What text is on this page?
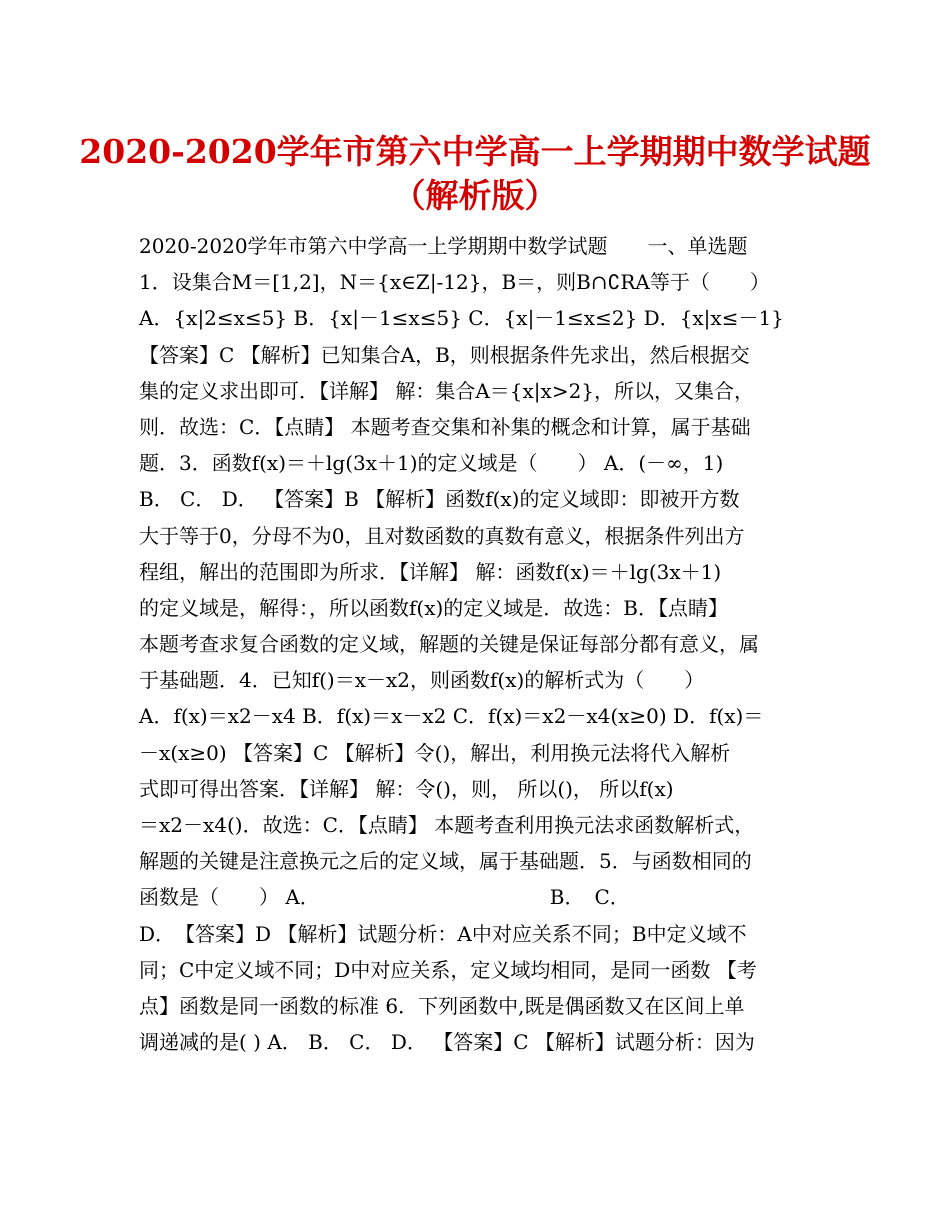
2020-2020学年市第六中学高一上学期期中数学试题
（解析版）
2020-2020学年市第六中学高一上学期期中数学试题　　一、单选题
1．设集合M＝[1,2]，N＝{x∈Z|-12}，B＝，则B∩∁RA等于（　　）
A．{x|2≤x≤5} B．{x|－1≤x≤5} C．{x|－1≤x≤2} D．{x|x≤－1}
【答案】C 【解析】已知集合A，B，则根据条件先求出，然后根据交
集的定义求出即可．【详解】 解：集合A＝{x|x>2}，所以，又集合，
则．故选：C．【点睛】 本题考查交集和补集的概念和计算，属于基础
题．3．函数f(x)＝＋lg(3x＋1)的定义域是（　　） A．(－∞，1)
B． C． D． 【答案】B 【解析】函数f(x)的定义域即：即被开方数
大于等于0，分母不为0，且对数函数的真数有意义，根据条件列出方
程组，解出的范围即为所求．【详解】 解：函数f(x)＝＋lg(3x＋1)
的定义域是，解得：，所以函数f(x)的定义域是．故选：B．【点睛】
本题考查求复合函数的定义域，解题的关键是保证每部分都有意义，属
于基础题．4．已知f()＝x－x2，则函数f(x)的解析式为（　　）
A．f(x)＝x2－x4 B．f(x)＝x－x2 C．f(x)＝x2－x4(x≥0) D．f(x)＝
－x(x≥0) 【答案】C 【解析】令()，解出，利用换元法将代入解析
式即可得出答案．【详解】 解：令()，则， 所以()， 所以f(x)
＝x2－x4()．故选：C．【点睛】 本题考查利用换元法求函数解析式，
解题的关键是注意换元之后的定义域，属于基础题．5．与函数相同的
函数是（　　） A．　　　　　　　　　　　　B．　C．
D．　【答案】D 【解析】试题分析：A中对应关系不同；B中定义域不
同；C中定义域不同；D中对应关系，定义域均相同，是同一函数 【考
点】函数是同一函数的标准 6．下列函数中,既是偶函数又在区间上单
调递减的是( ) A． B． C． D． 【答案】C 【解析】试题分析：因为
